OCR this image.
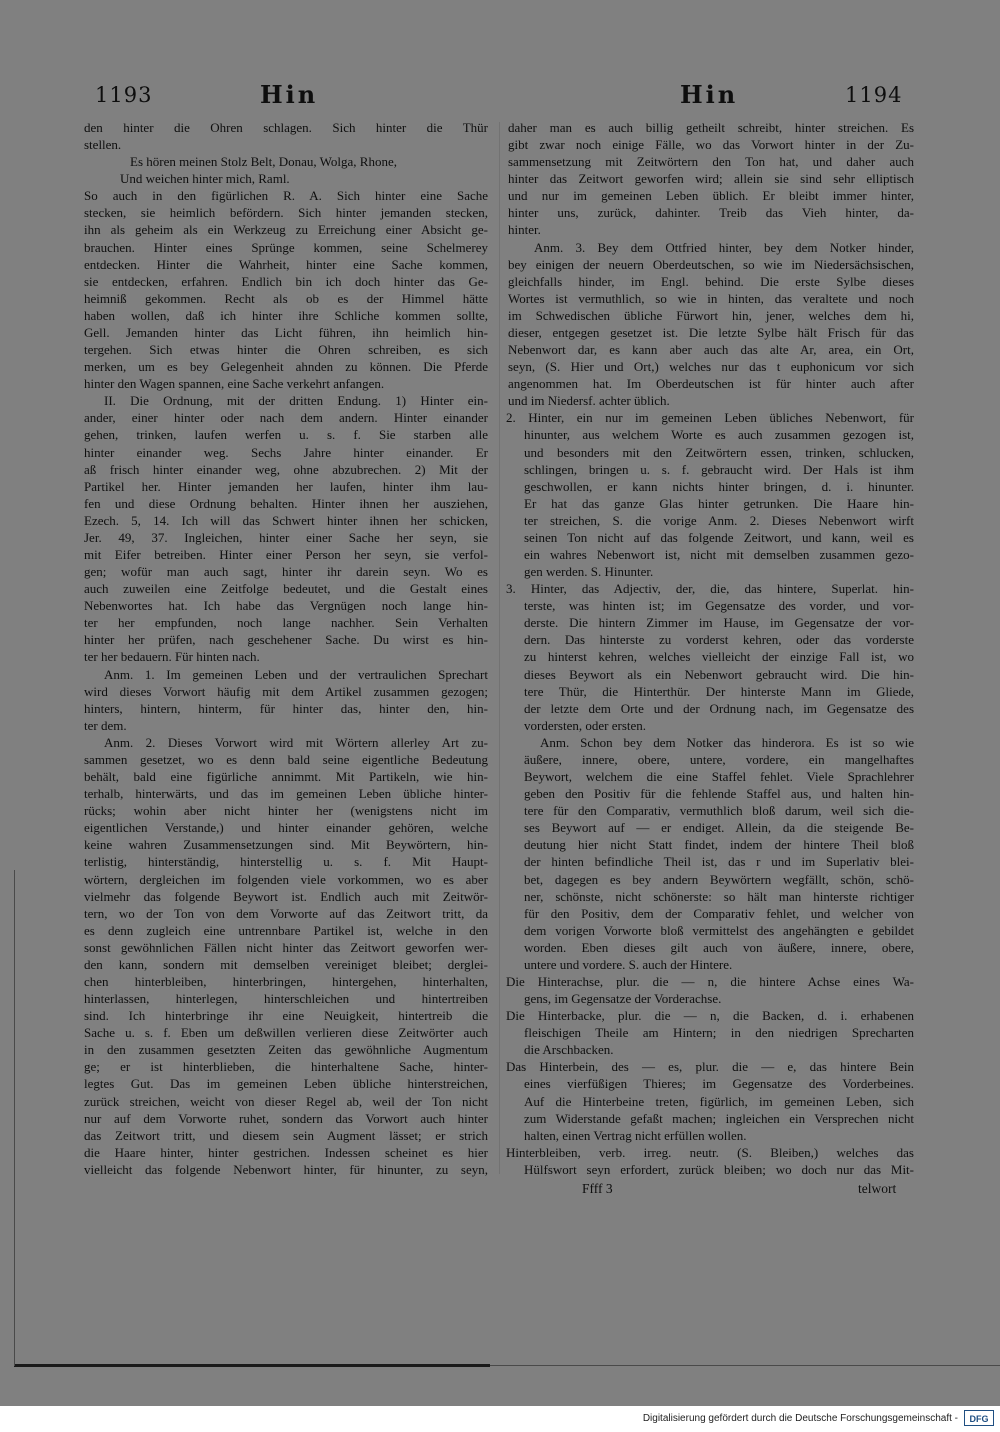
1193	Hin	Hin	1194
den hinter die Ohren schlagen. Sich hinter die Thür
stellen.
Es hören meinen Stolz Belt, Donau, Wolga, Rhone,
Und weichen hinter mich, Raml.
So auch in den figürlichen R. A. Sich hinter eine Sache
stecken, sie heimlich befördern. Sich hinter jemanden stecken,
ihn als geheim als ein Werkzeug zu Erreichung einer Absicht ge-
brauchen. Hinter eines Sprünge kommen, seine Schelmerey
entdecken. Hinter die Wahrheit, hinter eine Sache kommen,
sie entdecken, erfahren. Endlich bin ich doch hinter das Ge-
heimniß gekommen. Recht als ob es der Himmel hätte
haben wollen, daß ich hinter ihre Schliche kommen sollte,
Gell. Jemanden hinter das Licht führen, ihn heimlich hin-
tergehen. Sich etwas hinter die Ohren schreiben, es sich
merken, um es bey Gelegenheit ahnden zu können. Die Pferde
hinter den Wagen spannen, eine Sache verkehrt anfangen.
II. Die Ordnung, mit der dritten Endung. 1) Hinter ein-
ander, einer hinter oder nach dem andern. Hinter einander
gehen, trinken, laufen werfen u. s. f. Sie starben alle
hinter einander weg. Sechs Jahre hinter einander. Er
aß frisch hinter einander weg, ohne abzubrechen. 2) Mit der
Partikel her. Hinter jemanden her laufen, hinter ihm lau-
fen und diese Ordnung behalten. Hinter ihnen her ausziehen,
Ezech. 5, 14. Ich will das Schwert hinter ihnen her schicken,
Jer. 49, 37. Ingleichen, hinter einer Sache her seyn, sie
mit Eifer betreiben. Hinter einer Person her seyn, sie verfol-
gen; wofür man auch sagt, hinter ihr darein seyn. Wo es
auch zuweilen eine Zeitfolge bedeutet, und die Gestalt eines
Nebenwortes hat. Ich habe das Vergnügen noch lange hin-
ter her empfunden, noch lange nachher. Sein Verhalten
hinter her prüfen, nach geschehener Sache. Du wirst es hin-
ter her bedauern. Für hinten nach.
Anm. 1. Im gemeinen Leben und der vertraulichen Sprechart
wird dieses Vorwort häufig mit dem Artikel zusammen gezogen;
hinters, hintern, hinterm, für hinter das, hinter den, hin-
ter dem.
Anm. 2. Dieses Vorwort wird mit Wörtern allerley Art zu-
sammen gesetzet, wo es denn bald seine eigentliche Bedeutung
behält, bald eine figürliche annimmt. Mit Partikeln, wie hin-
terhalb, hinterwärts, und das im gemeinen Leben übliche hinter-
rücks; wohin aber nicht hinter her (wenigstens nicht im
eigentlichen Verstande,) und hinter einander gehören, welche
keine wahren Zusammensetzungen sind. Mit Beywörtern, hin-
terlistig, hinterständig, hinterstellig u. s. f. Mit Haupt-
wörtern, dergleichen im folgenden viele vorkommen, wo es aber
vielmehr das folgende Beywort ist. Endlich auch mit Zeitwör-
tern, wo der Ton von dem Vorworte auf das Zeitwort tritt, da
es denn zugleich eine untrennbare Partikel ist, welche in den
sonst gewöhnlichen Fällen nicht hinter das Zeitwort geworfen wer-
den kann, sondern mit demselben vereiniget bleibet; derglei-
chen hinterbleiben, hinterbringen, hintergehen, hinterhalten,
hinterlassen, hinterlegen, hinterschleichen und hintertreiben
sind. Ich hinterbringe ihr eine Neuigkeit, hintertreib die
Sache u. s. f. Eben um deßwillen verlieren diese Zeitwörter auch
in den zusammen gesetzten Zeiten das gewöhnliche Augmentum
ge; er ist hinterblieben, die hinterhaltene Sache, hinter-
legtes Gut. Das im gemeinen Leben übliche hinterstreichen,
zurück streichen, weicht von dieser Regel ab, weil der Ton nicht
nur auf dem Vorworte ruhet, sondern das Vorwort auch hinter
das Zeitwort tritt, und diesem sein Augment lässet; er strich
die Haare hinter, hinter gestrichen. Indessen scheinet es hier
vielleicht das folgende Nebenwort hinter, für hinunter, zu seyn,
daher man es auch billig getheilt schreibt, hinter streichen. Es
gibt zwar noch einige Fälle, wo das Vorwort hinter in der Zu-
sammensetzung mit Zeitwörtern den Ton hat, und daher auch
hinter das Zeitwort geworfen wird; allein sie sind sehr elliptisch
und nur im gemeinen Leben üblich. Er bleibt immer hinter,
hinter uns, zurück, dahinter. Treib das Vieh hinter, da-
hinter.
Anm. 3. Bey dem Ottfried hinter, bey dem Notker hinder,
bey einigen der neuern Oberdeutschen, so wie im Niedersächsischen,
gleichfalls hinder, im Engl. behind. Die erste Sylbe dieses
Wortes ist vermuthlich, so wie in hinten, das veraltete und noch
im Schwedischen übliche Fürwort hin, jener, welches dem hi,
dieser, entgegen gesetzet ist. Die letzte Sylbe hält Frisch für das
Nebenwort dar, es kann aber auch das alte Ar, area, ein Ort,
seyn, (S. Hier und Ort,) welches nur das t euphonicum vor sich
angenommen hat. Im Oberdeutschen ist für hinter auch after
und im Niedersf. achter üblich.
2. Hinter, ein nur im gemeinen Leben übliches Nebenwort, für
hinunter, aus welchem Worte es auch zusammen gezogen ist,
und besonders mit den Zeitwörtern essen, trinken, schlucken,
schlingen, bringen u. s. f. gebraucht wird. Der Hals ist ihm
geschwollen, er kann nichts hinter bringen, d. i. hinunter.
Er hat das ganze Glas hinter getrunken. Die Haare hin-
ter streichen, S. die vorige Anm. 2. Dieses Nebenwort wirft
seinen Ton nicht auf das folgende Zeitwort, und kann, weil es
ein wahres Nebenwort ist, nicht mit demselben zusammen gezo-
gen werden. S. Hinunter.
3. Hinter, das Adjectiv, der, die, das hintere, Superlat. hin-
terste, was hinten ist; im Gegensatze des vorder, und vor-
derste. Die hintern Zimmer im Hause, im Gegensatze der vor-
dern. Das hinterste zu vorderst kehren, oder das vorderste
zu hinterst kehren, welches vielleicht der einzige Fall ist, wo
dieses Beywort als ein Nebenwort gebraucht wird. Die hin-
tere Thür, die Hinterthür. Der hinterste Mann im Gliede,
der letzte dem Orte und der Ordnung nach, im Gegensatze des
vordersten, oder ersten.
Anm. Schon bey dem Notker das hinderora. Es ist so wie
äußere, innere, obere, untere, vordere, ein mangelhaftes
Beywort, welchem die eine Staffel fehlet. Viele Sprachlehrer
geben den Positiv für die fehlende Staffel aus, und halten hin-
tere für den Comparativ, vermuthlich bloß darum, weil sich die-
ses Beywort auf — er endiget. Allein, da die steigende Be-
deutung hier nicht Statt findet, indem der hintere Theil bloß
der hinten befindliche Theil ist, das r und im Superlativ blei-
bet, dagegen es bey andern Beywörtern wegfällt, schön, schö-
ner, schönste, nicht schönerste: so hält man hinterste richtiger
für den Positiv, dem der Comparativ fehlet, und welcher von
dem vorigen Vorworte bloß vermittelst des angehängten e gebildet
worden. Eben dieses gilt auch von äußere, innere, obere,
untere und vordere. S. auch der Hintere.
Die Hinterachse, plur. die — n, die hintere Achse eines Wa-
gens, im Gegensatze der Vorderachse.
Die Hinterbacke, plur. die — n, die Backen, d. i. erhabenen
fleischigen Theile am Hintern; in den niedrigen Sprecharten
die Arschbacken.
Das Hinterbein, des — es, plur. die — e, das hintere Bein
eines vierfüßigen Thieres; im Gegensatze des Vorderbeines.
Auf die Hinterbeine treten, figürlich, im gemeinen Leben, sich
zum Widerstande gefaßt machen; ingleichen ein Versprechen nicht
halten, einen Vertrag nicht erfüllen wollen.
Hinterbleiben, verb. irreg. neutr. (S. Bleiben,) welches das
Hülfswort seyn erfordert, zurück bleiben; wo doch nur das Mit-
Ffff 3	telwort
Digitalisierung gefördert durch die Deutsche Forschungsgemeinschaft -	DFG
